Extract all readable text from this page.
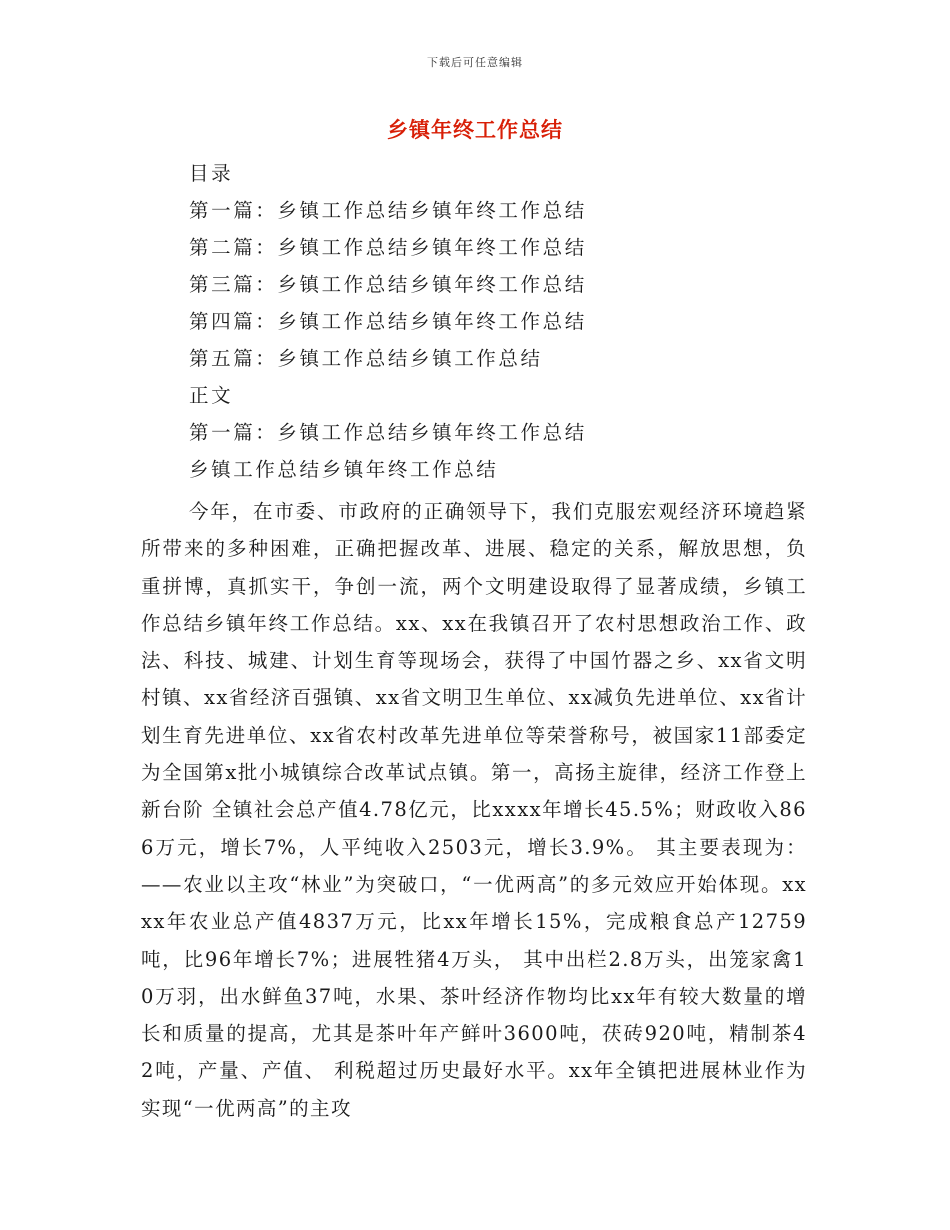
下载后可任意编辑
乡镇年终工作总结
目录
第一篇：乡镇工作总结乡镇年终工作总结
第二篇：乡镇工作总结乡镇年终工作总结
第三篇：乡镇工作总结乡镇年终工作总结
第四篇：乡镇工作总结乡镇年终工作总结
第五篇：乡镇工作总结乡镇工作总结
正文
第一篇：乡镇工作总结乡镇年终工作总结
乡镇工作总结乡镇年终工作总结

今年，在市委、市政府的正确领导下，我们克服宏观经济环境趋紧所带来的多种困难，正确把握改革、进展、稳定的关系，解放思想，负重拼博，真抓实干，争创一流，两个文明建设取得了显著成绩，乡镇工作总结乡镇年终工作总结。xx、xx在我镇召开了农村思想政治工作、政法、科技、城建、计划生育等现场会，获得了中国竹器之乡、xx省文明村镇、xx省经济百强镇、xx省文明卫生单位、xx减负先进单位、xx省计划生育先进单位、xx省农村改革先进单位等荣誉称号，被国家11部委定为全国第x批小城镇综合改革试点镇。第一，高扬主旋律，经济工作登上新台阶 全镇社会总产值4.78亿元，比xxxx年增长45.5%；财政收入866万元，增长7%，人平纯收入2503元，增长3.9%。 其主要表现为： ——农业以主攻“林业”为突破口，“一优两高”的多元效应开始体现。xxxx年农业总产值4837万元，比xx年增长15%，完成粮食总产12759吨，比96年增长7%；进展牲猪4万头， 其中出栏2.8万头，出笼家禽10万羽，出水鲜鱼37吨，水果、茶叶经济作物均比xx年有较大数量的增长和质量的提高，尤其是茶叶年产鲜叶3600吨，茯砖920吨，精制茶42吨，产量、产值、 利税超过历史最好水平。xx年全镇把进展林业作为实现“一优两高”的主攻
